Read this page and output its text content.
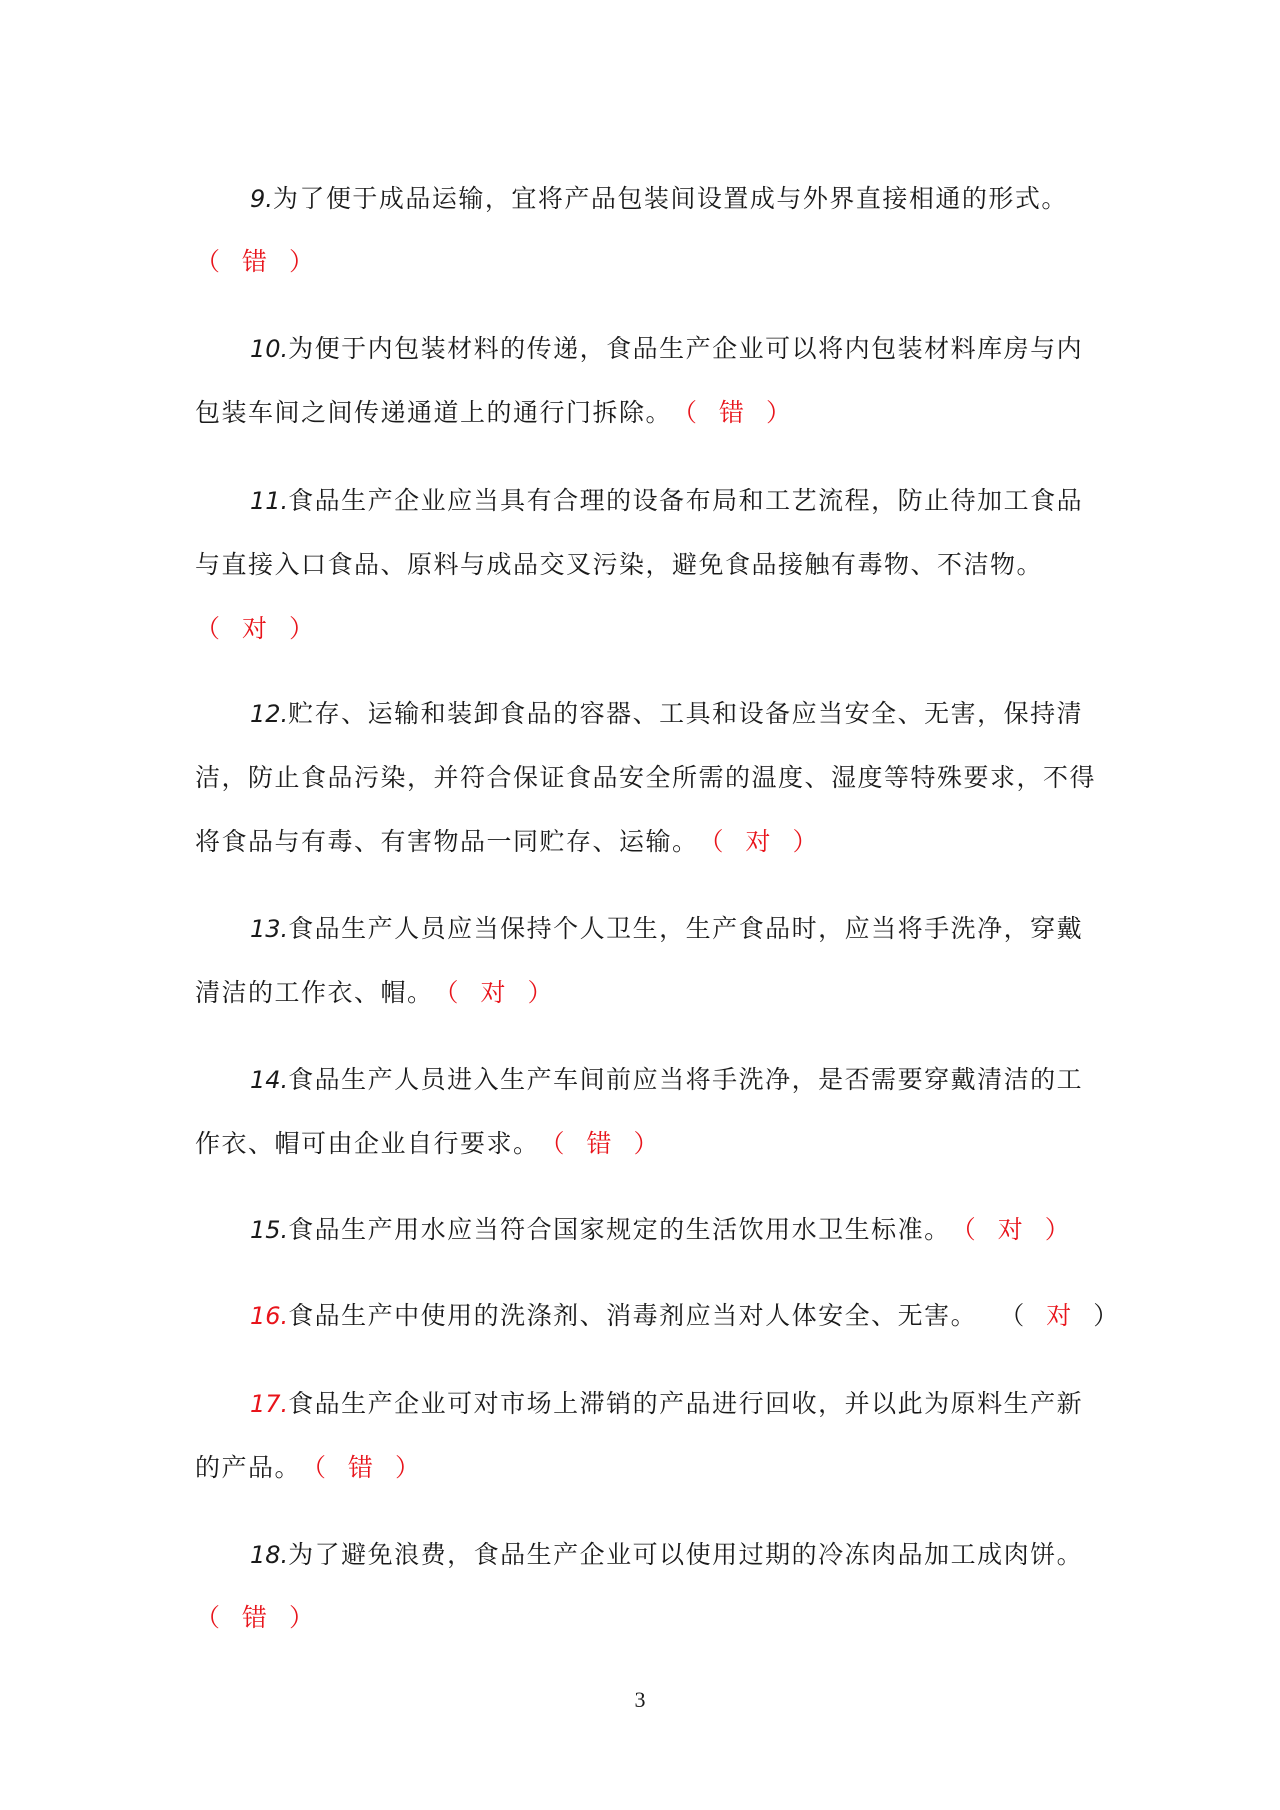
9.为了便于成品运输，宜将产品包装间设置成与外界直接相通的形式。
（ 错 ）
10.为便于内包装材料的传递，食品生产企业可以将内包装材料库房与内
包装车间之间传递通道上的通行门拆除。（ 错 ）
11.食品生产企业应当具有合理的设备布局和工艺流程，防止待加工食品
与直接入口食品、原料与成品交叉污染，避免食品接触有毒物、不洁物。
（ 对 ）
12.贮存、运输和装卸食品的容器、工具和设备应当安全、无害，保持清
洁，防止食品污染，并符合保证食品安全所需的温度、湿度等特殊要求，不得
将食品与有毒、有害物品一同贮存、运输。（ 对 ）
13.食品生产人员应当保持个人卫生，生产食品时，应当将手洗净，穿戴
清洁的工作衣、帽。（ 对 ）
14.食品生产人员进入生产车间前应当将手洗净，是否需要穿戴清洁的工
作衣、帽可由企业自行要求。（ 错 ）
15.食品生产用水应当符合国家规定的生活饮用水卫生标准。（ 对 ）
16.食品生产中使用的洗涤剂、消毒剂应当对人体安全、无害。 （ 对 ）
17.食品生产企业可对市场上滞销的产品进行回收，并以此为原料生产新
的产品。（ 错 ）
18.为了避免浪费，食品生产企业可以使用过期的冷冻肉品加工成肉饼。
（ 错 ）
3
